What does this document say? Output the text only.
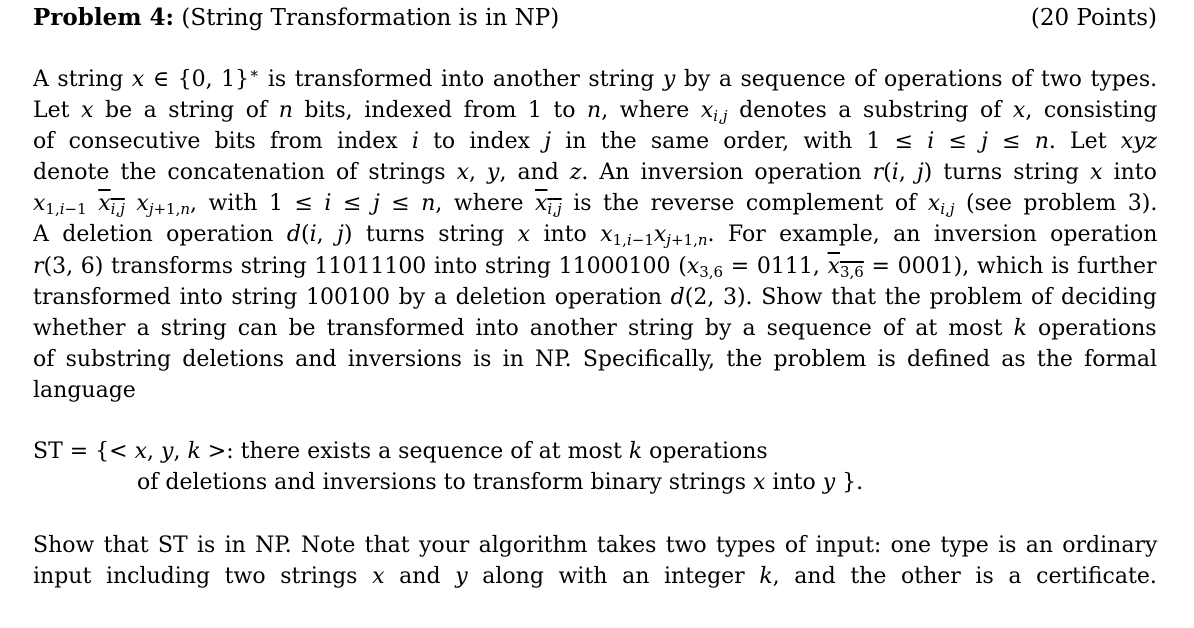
Problem 4: (String Transformation is in NP)	(20 Points)
A string x ∈ {0, 1}∗ is transformed into another string y by a sequence of operations of two types.
Let x be a string of n bits, indexed from 1 to n, where $x_{i,j}$ denotes a substring of x, consisting
of consecutive bits from index i to index j in the same order, with 1 ≤ i ≤ j ≤ n. Let xyz
denote the concatenation of strings x, y, and z. An inversion operation r(i, j) turns string x into
$x_{1,i-1}$ $x_{i,j}$ $x_{j+1,n}$, with 1 ≤ i ≤ j ≤ n, where $x_{i,j}$ is the reverse complement of $x_{i,j}$ (see problem 3).
A deletion operation d(i, j) turns string x into $x_{1,i-1}x_{j+1,n}$. For example, an inversion operation
r(3, 6) transforms string 11011100 into string 11000100 ($x_{3,6} = 0111$, $x_{3,6} = 0001$), which is further
transformed into string 100100 by a deletion operation d(2, 3). Show that the problem of deciding
whether a string can be transformed into another string by a sequence of at most k operations
of substring deletions and inversions is in NP. Specifically, the problem is defined as the formal
language
ST = {< x, y, k >: there exists a sequence of at most k operations
of deletions and inversions to transform binary strings x into y }.
Show that ST is in NP. Note that your algorithm takes two types of input: one type is an ordinary
input including two strings x and y along with an integer k, and the other is a certificate.
